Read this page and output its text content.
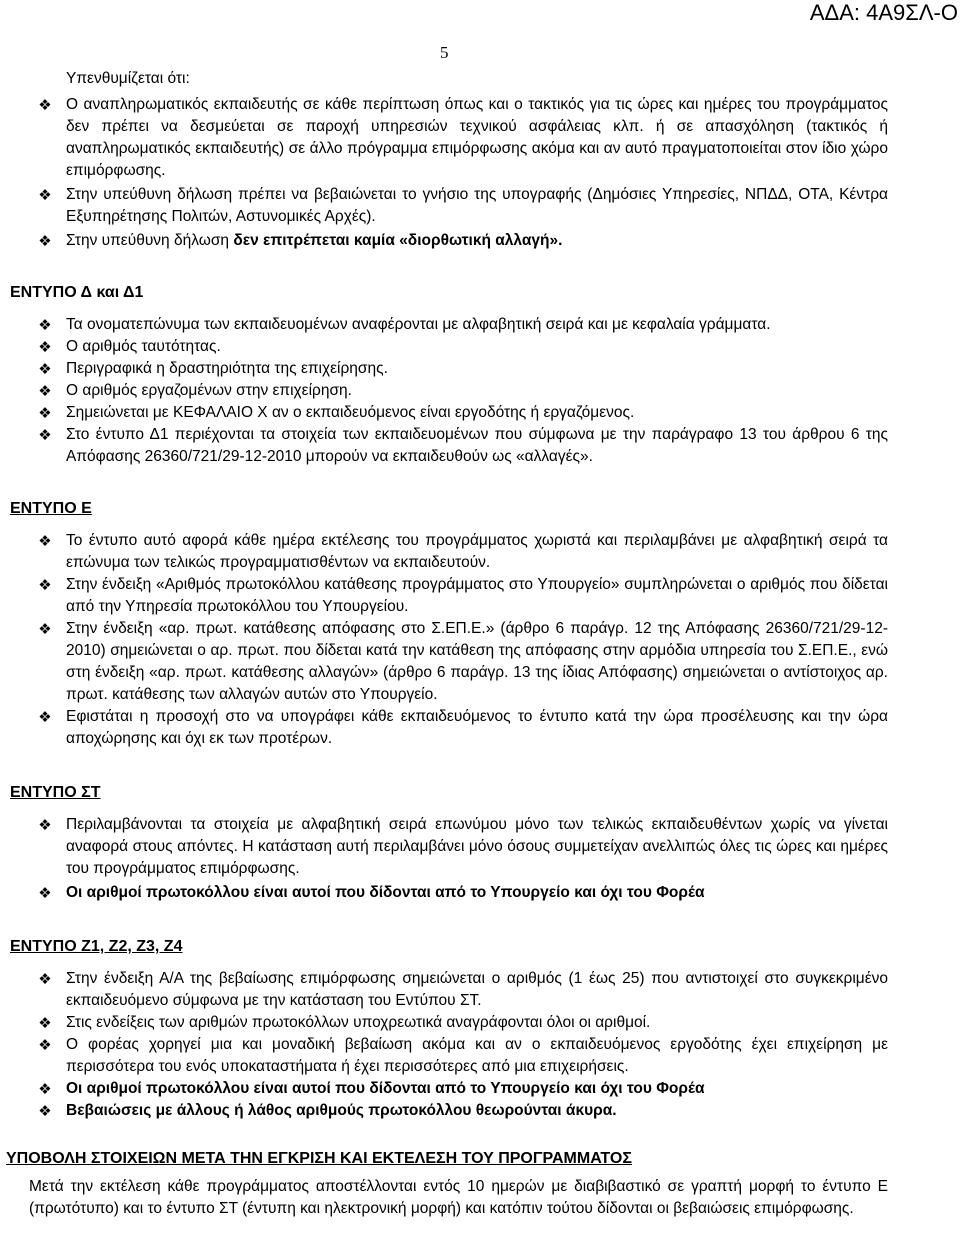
ΑΔΑ: 4Α9ΣΛ-Ο
5
Υπενθυμίζεται ότι:
❖ Ο αναπληρωματικός εκπαιδευτής σε κάθε περίπτωση όπως και ο τακτικός για τις ώρες και ημέρες του προγράμματος δεν πρέπει να δεσμεύεται σε παροχή υπηρεσιών τεχνικού ασφάλειας κλπ. ή σε απασχόληση (τακτικός ή αναπληρωματικός εκπαιδευτής) σε άλλο πρόγραμμα επιμόρφωσης ακόμα και αν αυτό πραγματοποιείται στον ίδιο χώρο επιμόρφωσης.
❖ Στην υπεύθυνη δήλωση πρέπει να βεβαιώνεται το γνήσιο της υπογραφής (Δημόσιες Υπηρεσίες, ΝΠΔΔ, ΟΤΑ, Κέντρα Εξυπηρέτησης Πολιτών, Αστυνομικές Αρχές).
❖ Στην υπεύθυνη δήλωση δεν επιτρέπεται καμία «διορθωτική αλλαγή».
ΕΝΤΥΠΟ Δ και Δ1
❖ Τα ονοματεπώνυμα των εκπαιδευομένων αναφέρονται με αλφαβητική σειρά και με κεφαλαία γράμματα.
❖ Ο αριθμός ταυτότητας.
❖ Περιγραφικά η δραστηριότητα της επιχείρησης.
❖ Ο αριθμός εργαζομένων στην επιχείρηση.
❖ Σημειώνεται με ΚΕΦΑΛΑΙΟ Χ αν ο εκπαιδευόμενος είναι εργοδότης ή εργαζόμενος.
❖ Στο έντυπο Δ1 περιέχονται τα στοιχεία των εκπαιδευομένων που σύμφωνα με την παράγραφο 13 του άρθρου 6 της Απόφασης 26360/721/29-12-2010 μπορούν να εκπαιδευθούν ως «αλλαγές».
ΕΝΤΥΠΟ Ε
❖ Το έντυπο αυτό αφορά κάθε ημέρα εκτέλεσης του προγράμματος χωριστά και περιλαμβάνει με αλφαβητική σειρά τα επώνυμα των τελικώς προγραμματισθέντων να εκπαιδευτούν.
❖ Στην ένδειξη «Αριθμός πρωτοκόλλου κατάθεσης προγράμματος στο Υπουργείο» συμπληρώνεται ο αριθμός που δίδεται από την Υπηρεσία πρωτοκόλλου του Υπουργείου.
❖ Στην ένδειξη «αρ. πρωτ. κατάθεσης απόφασης στο Σ.ΕΠ.Ε.» (άρθρο 6 παράγρ. 12 της Απόφασης 26360/721/29-12-2010) σημειώνεται ο αρ. πρωτ. που δίδεται κατά την κατάθεση της απόφασης στην αρμόδια υπηρεσία του Σ.ΕΠ.Ε., ενώ στη ένδειξη «αρ. πρωτ. κατάθεσης αλλαγών» (άρθρο 6 παράγρ. 13 της ίδιας Απόφασης) σημειώνεται ο αντίστοιχος αρ. πρωτ. κατάθεσης των αλλαγών αυτών στο Υπουργείο.
❖ Εφιστάται η προσοχή στο να υπογράφει κάθε εκπαιδευόμενος το έντυπο κατά την ώρα προσέλευσης και την ώρα αποχώρησης και όχι εκ των προτέρων.
ΕΝΤΥΠΟ ΣΤ
❖ Περιλαμβάνονται τα στοιχεία με αλφαβητική σειρά επωνύμου μόνο των τελικώς εκπαιδευθέντων χωρίς να γίνεται αναφορά στους απόντες. Η κατάσταση αυτή περιλαμβάνει μόνο όσους συμμετείχαν ανελλιπώς όλες τις ώρες και ημέρες του προγράμματος επιμόρφωσης.
❖ Οι αριθμοί πρωτοκόλλου είναι αυτοί που δίδονται από το Υπουργείο και όχι του Φορέα
ΕΝΤΥΠΟ Ζ1, Ζ2, Ζ3, Ζ4
❖ Στην ένδειξη Α/Α της βεβαίωσης επιμόρφωσης σημειώνεται ο αριθμός (1 έως 25) που αντιστοιχεί στο συγκεκριμένο εκπαιδευόμενο σύμφωνα με την κατάσταση του Εντύπου ΣΤ.
❖ Στις ενδείξεις των αριθμών πρωτοκόλλων υποχρεωτικά αναγράφονται όλοι οι αριθμοί.
❖ Ο φορέας χορηγεί μια και μοναδική βεβαίωση ακόμα και αν ο εκπαιδευόμενος εργοδότης έχει επιχείρηση με περισσότερα του ενός υποκαταστήματα ή έχει περισσότερες από μια επιχειρήσεις.
❖ Οι αριθμοί πρωτοκόλλου είναι αυτοί που δίδονται από το Υπουργείο και όχι του Φορέα
❖ Βεβαιώσεις με άλλους ή λάθος αριθμούς πρωτοκόλλου θεωρούνται άκυρα.
ΥΠΟΒΟΛΗ ΣΤΟΙΧΕΙΩΝ ΜΕΤΑ ΤΗΝ ΕΓΚΡΙΣΗ ΚΑΙ ΕΚΤΕΛΕΣΗ ΤΟΥ ΠΡΟΓΡΑΜΜΑΤΟΣ
Μετά την εκτέλεση κάθε προγράμματος αποστέλλονται εντός 10 ημερών με διαβιβαστικό σε γραπτή μορφή το έντυπο Ε (πρωτότυπο) και το έντυπο ΣΤ (έντυπη και ηλεκτρονική μορφή) και κατόπιν τούτου δίδονται οι βεβαιώσεις επιμόρφωσης.
